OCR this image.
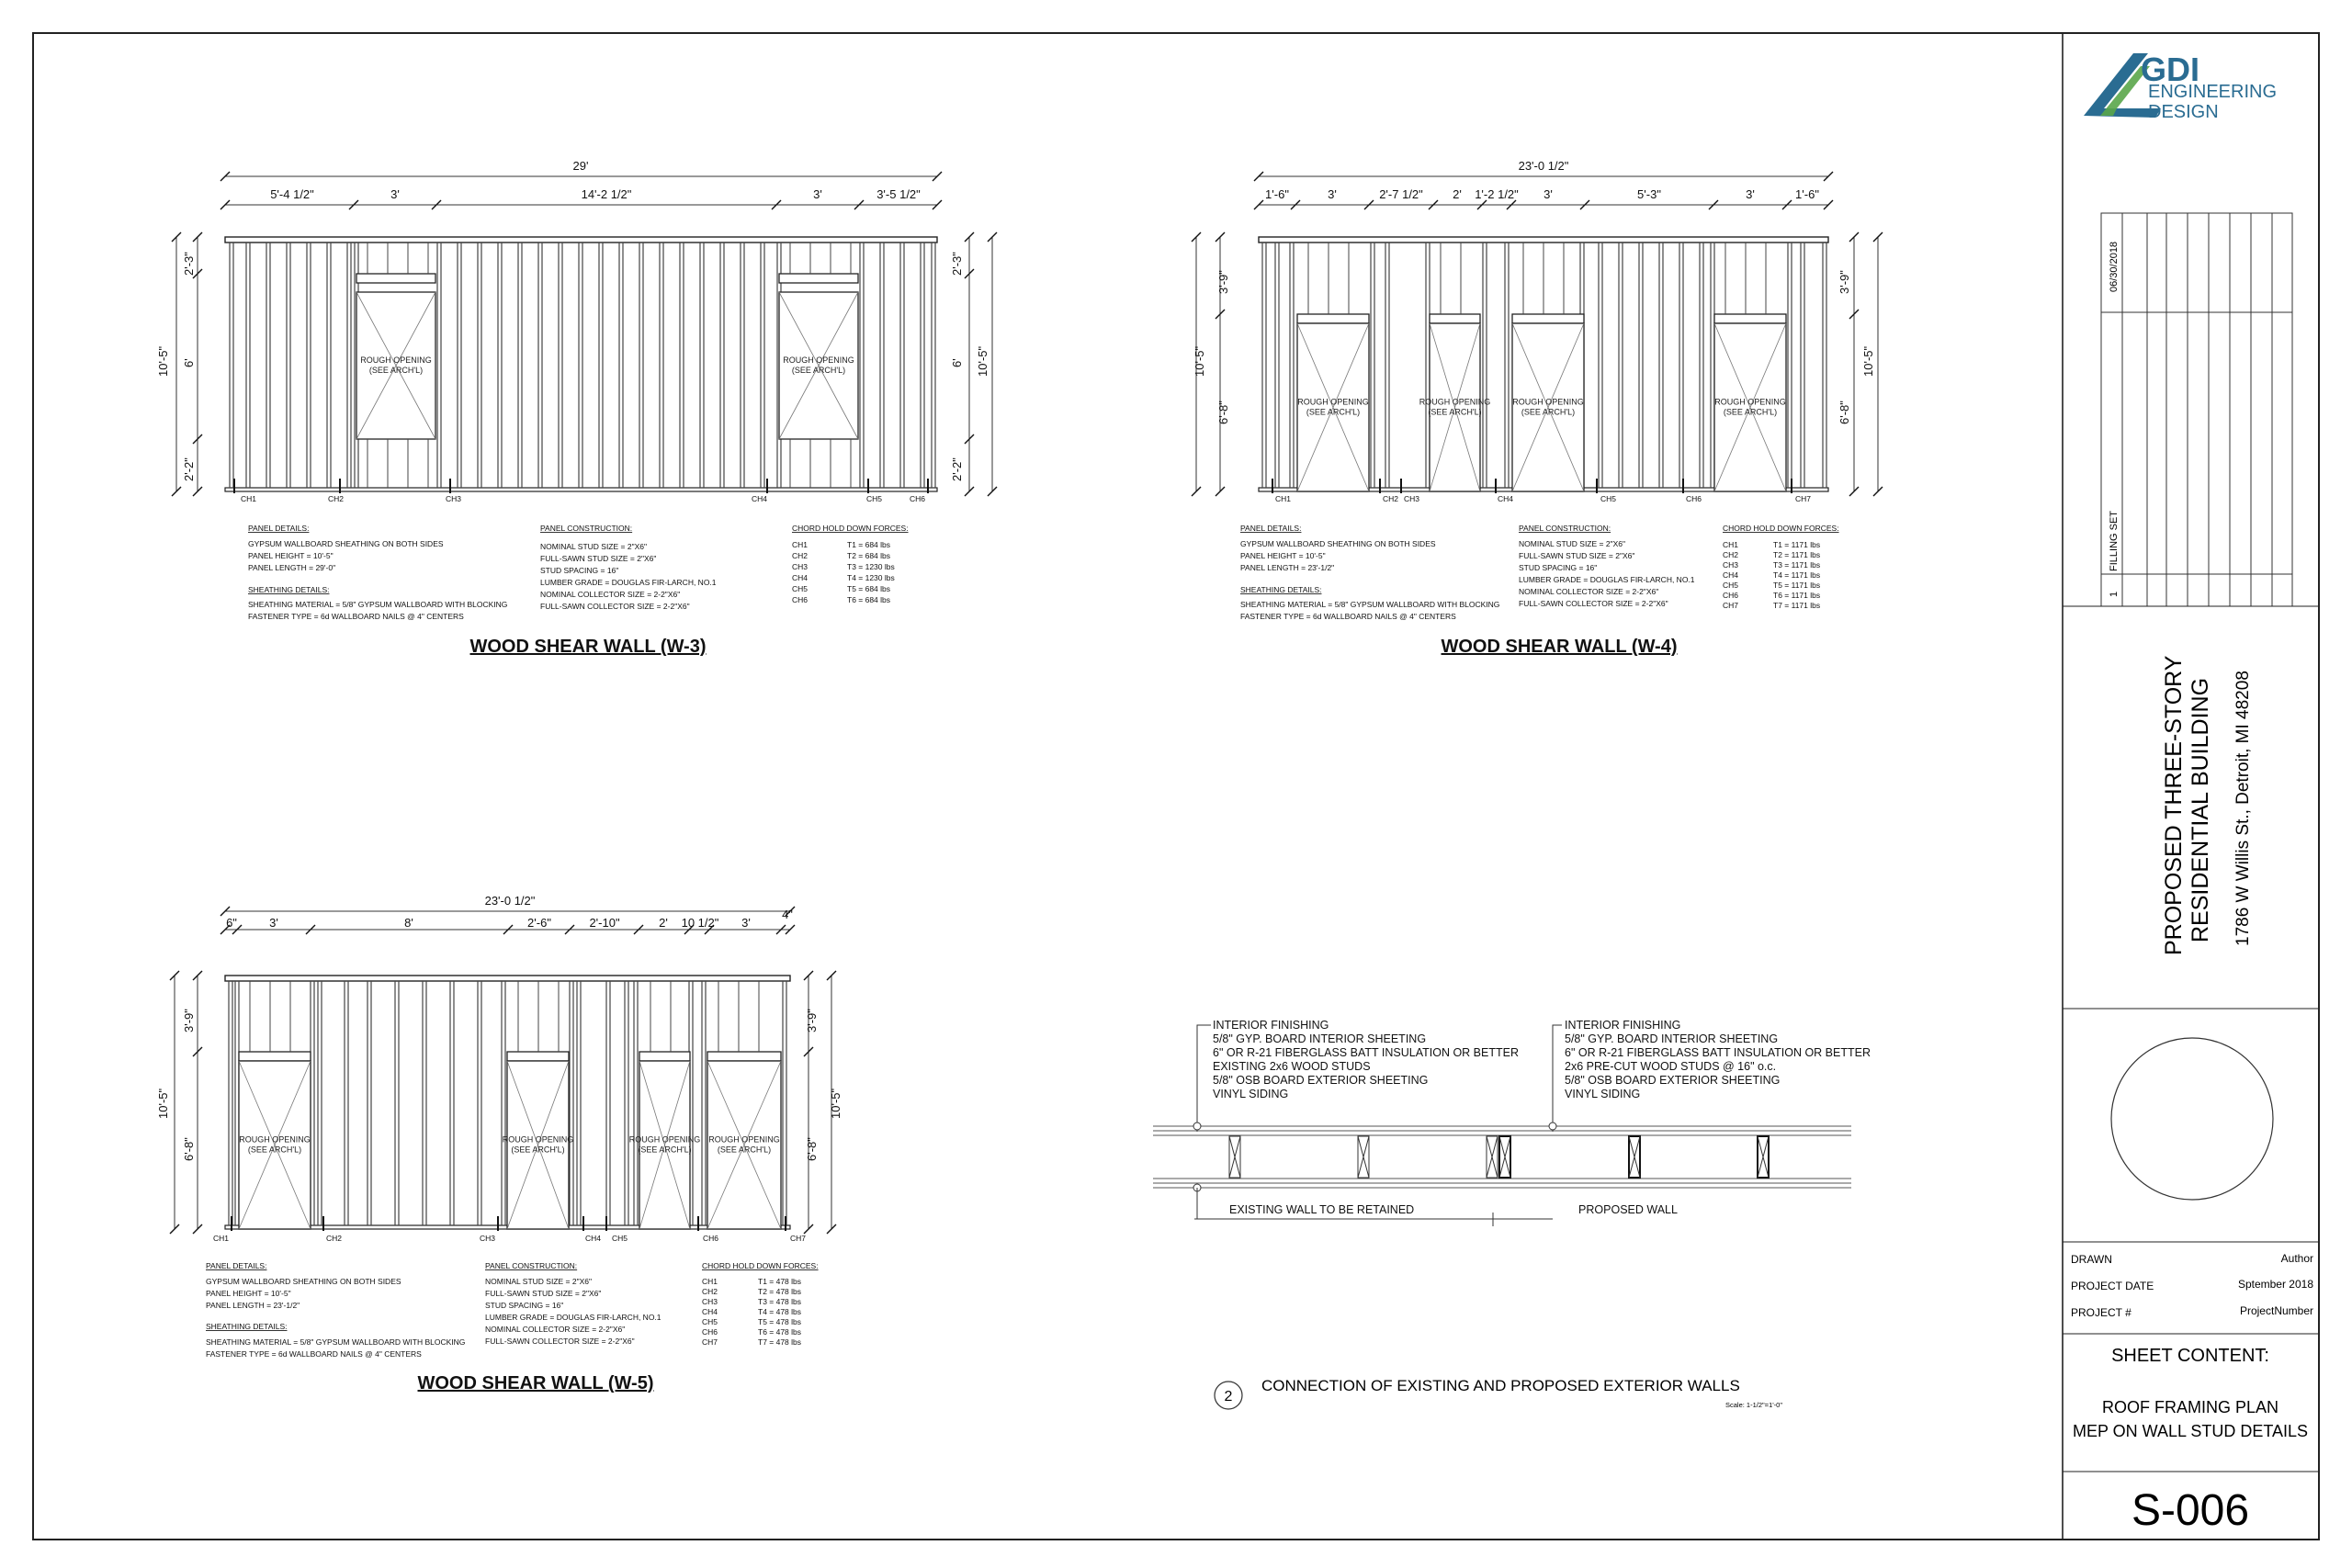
GDI
ENGINEERING
DESIGN
06/30/2018
FILLING SET
1
PROPOSED THREE-STORY RESIDENTIAL BUILDING 1786 W Willis St., Detroit, MI 48208
DRAWN	Author
PROJECT DATE	Sptember 2018
PROJECT #	ProjectNumber
SHEET CONTENT:
ROOF FRAMING PLAN
MEP ON WALL STUD DETAILS
S-006
ROUGH OPENING
(SEE ARCH'L)
ROUGH OPENING
(SEE ARCH'L)
29'
5'-4 1/2"	3'	14'-2 1/2"	3'	3'-5 1/2"
10'-5"
2'-3"
6'
2'-2"
2'-3"
6'
2'-2"
10'-5"
CH1	CH2	CH3	CH4	CH5	CH6
PANEL DETAILS:
GYPSUM WALLBOARD SHEATHING ON BOTH SIDES
PANEL HEIGHT = 10'-5"
PANEL LENGTH = 29'-0"
SHEATHING DETAILS:
SHEATHING MATERIAL = 5/8" GYPSUM WALLBOARD WITH BLOCKING
FASTENER TYPE = 6d WALLBOARD NAILS @ 4" CENTERS
PANEL CONSTRUCTION:
NOMINAL STUD SIZE = 2"X6"
FULL-SAWN STUD SIZE = 2"X6"
STUD SPACING = 16"
LUMBER GRADE = DOUGLAS FIR-LARCH, NO.1
NOMINAL COLLECTOR SIZE = 2-2"X6"
FULL-SAWN COLLECTOR SIZE = 2-2"X6"
CHORD HOLD DOWN FORCES:
CH1	T1 = 684 lbs
CH2	T2 = 684 lbs
CH3	T3 = 1230 lbs
CH4	T4 = 1230 lbs
CH5	T5 = 684 lbs
CH6	T6 = 684 lbs
WOOD SHEAR WALL (W-3)
ROUGH OPENING
(SEE ARCH'L)
ROUGH OPENING
(SEE ARCH'L)
ROUGH OPENING
(SEE ARCH'L)
ROUGH OPENING
(SEE ARCH'L)
23'-0 1/2"
1'-6"	3'	2'-7 1/2" 2' 1'-2 1/2" 3'	5'-3"	3'	1'-6"
10'-5"
3'-9"
6'-8"
3'-9"
6'-8"
10'-5"
CH1	CH2 CH3	CH4	CH5	CH6	CH7
PANEL DETAILS:
GYPSUM WALLBOARD SHEATHING ON BOTH SIDES
PANEL HEIGHT = 10'-5"
PANEL LENGTH = 23'-1/2"
SHEATHING DETAILS:
SHEATHING MATERIAL = 5/8" GYPSUM WALLBOARD WITH BLOCKING
FASTENER TYPE = 6d WALLBOARD NAILS @ 4" CENTERS
PANEL CONSTRUCTION:
NOMINAL STUD SIZE = 2"X6"
FULL-SAWN STUD SIZE = 2"X6"
STUD SPACING = 16"
LUMBER GRADE = DOUGLAS FIR-LARCH, NO.1
NOMINAL COLLECTOR SIZE = 2-2"X6"
FULL-SAWN COLLECTOR SIZE = 2-2"X6"
CHORD HOLD DOWN FORCES:
CH1	T1 = 1171 lbs
CH2	T2 = 1171 lbs
CH3	T3 = 1171 lbs
CH4	T4 = 1171 lbs
CH5	T5 = 1171 lbs
CH6	T6 = 1171 lbs
CH7	T7 = 1171 lbs
WOOD SHEAR WALL (W-4)
ROUGH OPENING
(SEE ARCH'L)
ROUGH OPENING
(SEE ARCH'L)
ROUGH OPENING
(SEE ARCH'L)
ROUGH OPENING
(SEE ARCH'L)
23'-0 1/2"
6"	3'	8'	2'-6"	2'-10"	2' 10 1/2" 3'
4"
10'-5"
3'-9"
6'-8"
3'-9"
6'-8"
10'-5"
CH1	CH2	CH3	CH4 CH5	CH6	CH7
PANEL DETAILS:
GYPSUM WALLBOARD SHEATHING ON BOTH SIDES
PANEL HEIGHT = 10'-5"
PANEL LENGTH = 23'-1/2"
SHEATHING DETAILS:
SHEATHING MATERIAL = 5/8" GYPSUM WALLBOARD WITH BLOCKING
FASTENER TYPE = 6d WALLBOARD NAILS @ 4" CENTERS
PANEL CONSTRUCTION:
NOMINAL STUD SIZE = 2"X6"
FULL-SAWN STUD SIZE = 2"X6"
STUD SPACING = 16"
LUMBER GRADE = DOUGLAS FIR-LARCH, NO.1
NOMINAL COLLECTOR SIZE = 2-2"X6"
FULL-SAWN COLLECTOR SIZE = 2-2"X6"
CHORD HOLD DOWN FORCES:
CH1	T1 = 478 lbs
CH2	T2 = 478 lbs
CH3	T3 = 478 lbs
CH4	T4 = 478 lbs
CH5	T5 = 478 lbs
CH6	T6 = 478 lbs
CH7	T7 = 478 lbs
WOOD SHEAR WALL (W-5)
INTERIOR FINISHING
5/8" GYP. BOARD INTERIOR SHEETING
6" OR R-21 FIBERGLASS BATT INSULATION OR BETTER
EXISTING 2x6 WOOD STUDS
5/8" OSB BOARD EXTERIOR SHEETING
VINYL SIDING
INTERIOR FINISHING
5/8" GYP. BOARD INTERIOR SHEETING
6" OR R-21 FIBERGLASS BATT INSULATION OR BETTER
2x6 PRE-CUT WOOD STUDS @ 16" o.c.
5/8" OSB BOARD EXTERIOR SHEETING
VINYL SIDING
EXISTING WALL TO BE RETAINED	PROPOSED WALL
2
CONNECTION OF EXISTING AND PROPOSED EXTERIOR WALLS
Scale: 1-1/2"=1'-0"
